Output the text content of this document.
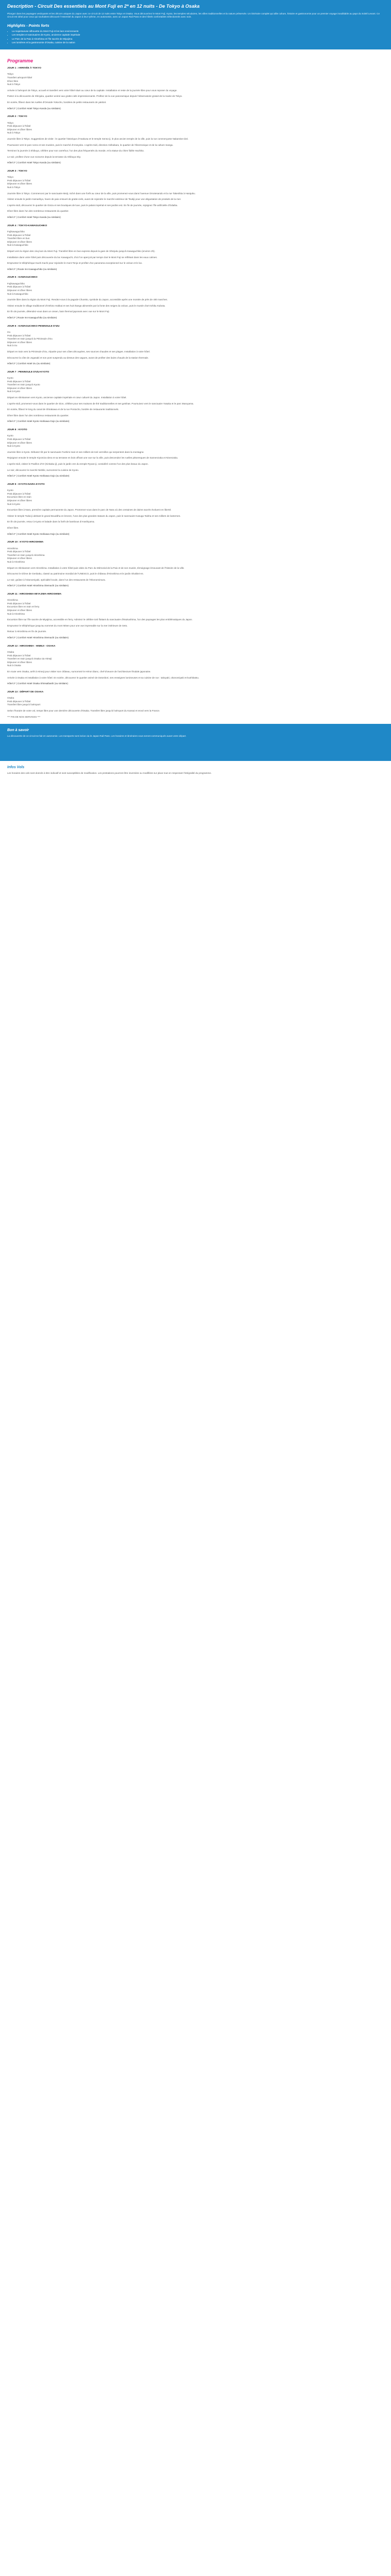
Description - Circuit Des essentiels au Mont Fuji en 2* en 12 nuits - De Tokyo à Osaka

Plongez dans les paysages verdoyants et les décors uniques du Japon avec ce circuit de 12 nuits entre Tokyo et Osaka. Vous découvrirez le Mont Fuji, Kyoto, les temples séculaires, les villes traditionnelles et la nature préservée. Un itinéraire complet qui allie culture, histoire et gastronomie pour un premier voyage inoubliable au pays du Soleil Levant. Ce circuit est idéal pour ceux qui souhaitent découvrir l’essentiel du Japon à leur rythme, en autonomie, avec un Japan Rail Pass et des hôtels confortables sélectionnés avec soin.

Highlights - Points forts
• La majestueuse silhouette du Mont Fuji et les lacs environnants
• Les temples et sanctuaires de Kyoto, ancienne capitale impériale
• Le Parc de la Paix à Hiroshima et l’île sacrée de Miyajima
• Les lumières et la gastronomie d’Osaka, cuisine de la nation
Programme
JOUR 1 : ARRIVÉE À TOKYO
Tokyo
Transfert aéroport-hôtel
Dîner libre
Nuit à Tokyo

Arrivée à l'aéroport de Tokyo, accueil et transfert vers votre hôtel situé au cœur de la capitale. Installation et reste de la journée libre pour vous reposer du voyage.

Partez à la découverte de Shinjuku, quartier animé aux gratte-ciels impressionnants. Profitez de la vue panoramique depuis l'observatoire gratuit de la mairie de Tokyo.

En soirée, flânez dans les ruelles d'Omoide Yokocho, bordées de petits restaurants de yakitori.

Hôtel 2* | Comfort Hotel Tokyo Kanda (ou similaire)

JOUR 2 : TOKYO
Tokyo
Petit déjeuner à l'hôtel
Déjeuner et dîner libres
Nuit à Tokyo

Journée libre à Tokyo. Suggestions de visite : le quartier historique d'Asakusa et le temple Senso-ji, le plus ancien temple de la ville, puis la rue commerçante Nakamise-dori.

Poursuivez vers le parc Ueno et ses musées, puis le marché d'Ameyoko. L'après-midi, direction Akihabara, le quartier de l'électronique et de la culture manga.

Terminez la journée à Shibuya, célèbre pour son carrefour, l'un des plus fréquentés du monde, et la statue du chien fidèle Hachiko.

Le soir, profitez d'une vue nocturne depuis la terrasse du Shibuya Sky.

Hôtel 2* | Comfort Hotel Tokyo Kanda (ou similaire)

JOUR 3 : TOKYO
Tokyo
Petit déjeuner à l'hôtel
Déjeuner et dîner libres
Nuit à Tokyo

Journée libre à Tokyo. Commencez par le sanctuaire Meiji, niché dans une forêt au cœur de la ville, puis promenez-vous dans l'avenue Omotesando et la rue Takeshita à Harajuku.

Visitez ensuite le jardin Hamarikyu, havre de paix entouré de gratte-ciels, avant de rejoindre le marché extérieur de Tsukiji pour une dégustation de produits de la mer.

L'après-midi, découvrez le quartier de Ginza et ses boutiques de luxe, puis le palais impérial et ses jardins est. En fin de journée, rejoignez l'île artificielle d'Odaiba.

Dîner libre dans l'un des nombreux restaurants du quartier.

Hôtel 2* | Comfort Hotel Tokyo Kanda (ou similaire)

JOUR 4 : TOKYO-KAWAGUCHIKO
Fujikawaguchiko
Petit déjeuner à l'hôtel
Transfert libre en bus
Déjeuner et dîner libres
Nuit à Kawaguchiko

Départ vers la région des cinq lacs du Mont Fuji. Transfert libre en bus express depuis la gare de Shinjuku jusqu'à Kawaguchiko (environ 2h).

Installation dans votre hôtel puis découverte du lac Kawaguchi, d'où l'on aperçoit par temps clair le Mont Fuji se reflétant dans les eaux calmes.

Empruntez le téléphérique Kachi Kachi pour rejoindre le mont Tenjo et profiter d'un panorama exceptionnel sur le volcan et le lac.

Hôtel 2* | Route Inn Kawaguchiko (ou similaire)

JOUR 5 : KAWAGUCHIKO
Fujikawaguchiko
Petit déjeuner à l'hôtel
Déjeuner et dîner libres
Nuit à Kawaguchiko

Journée libre dans la région du Mont Fuji. Rendez-vous à la pagode Chureito, symbole du Japon, accessible après une montée de près de 400 marches.

Visitez ensuite le village traditionnel d'Oshino Hakkai et ses huit étangs alimentés par la fonte des neiges du volcan, puis le musée d'art Itchiku Kubota.

En fin de journée, détendez-vous dans un onsen, bain thermal japonais avec vue sur le Mont Fuji.

Hôtel 2* | Route Inn Kawaguchiko (ou similaire)

JOUR 6 : KAWAGUCHIKO-PENINSULE D'IZU
Izu
Petit déjeuner à l'hôtel
Transfert en train jusqu'à la Péninsule d'Izu
Déjeuner et dîner libres
Nuit à Izu

Départ en train vers la Péninsule d'Izu, réputée pour ses côtes découpées, ses sources chaudes et ses plages. Installation à votre hôtel.

Découvrez la côte de Jogasaki et son pont suspendu au-dessus des vagues, avant de profiter des bains chauds de la station thermale.

Hôtel 2* | Comfort Hotel Izu (ou similaire)

JOUR 7 : PENINSULE D'IZU-KYOTO
Kyoto
Petit déjeuner à l'hôtel
Transfert en train jusqu'à Kyoto
Déjeuner et dîner libres
Nuit à Kyoto

Départ en shinkansen vers Kyoto, ancienne capitale impériale et cœur culturel du Japon. Installation à votre hôtel.

L'après-midi, promenez-vous dans le quartier de Gion, célèbre pour ses maisons de thé traditionnelles et ses geishas. Poursuivez vers le sanctuaire Yasaka et le parc Maruyama.

En soirée, flânez le long du canal de Shirakawa et de la rue Pontocho, bordée de restaurants traditionnels.

Dîner libre dans l'un des nombreux restaurants du quartier.

Hôtel 2* | Comfort Hotel Kyoto Horikawa Gojo (ou similaire)

JOUR 8 : KYOTO
Kyoto
Petit déjeuner à l'hôtel
Déjeuner et dîner libres
Nuit à Kyoto

Journée libre à Kyoto. Débutez tôt par le sanctuaire Fushimi Inari et ses milliers de torii vermillon qui serpentent dans la montagne.

Rejoignez ensuite le temple Kiyomizu-dera et sa terrasse en bois offrant une vue sur la ville, puis descendez les ruelles pittoresques de Sannenzaka et Ninenzaka.

L'après-midi, visitez le Pavillon d'Or (Kinkaku-ji), puis le jardin zen du temple Ryoan-ji, considéré comme l'un des plus beaux du Japon.

Le soir, découvrez le marché Nishiki, surnommé la cuisine de Kyoto.

Hôtel 2* | Comfort Hotel Kyoto Horikawa Gojo (ou similaire)

JOUR 9 : KYOTO-NARA-KYOTO
Kyoto
Petit déjeuner à l'hôtel
Excursion libre en train
Déjeuner et dîner libres
Nuit à Kyoto

Excursion libre à Nara, première capitale permanente du Japon. Promenez-vous dans le parc de Nara où des centaines de daims sacrés évoluent en liberté.

Visitez le temple Todai-ji abritant le grand Bouddha en bronze, l'une des plus grandes statues du Japon, puis le sanctuaire Kasuga Taisha et ses milliers de lanternes.

En fin de journée, retour à Kyoto et balade dans la forêt de bambous d'Arashiyama.

Dîner libre.

Hôtel 2* | Comfort Hotel Kyoto Horikawa Gojo (ou similaire)

JOUR 10 : KYOTO-HIROSHIMA
Hiroshima
Petit déjeuner à l'hôtel
Transfert en train jusqu'à Hiroshima
Déjeuner et dîner libres
Nuit à Hiroshima

Départ en shinkansen vers Hiroshima. Installation à votre hôtel puis visite du Parc du Mémorial de la Paix et de son musée, témoignage émouvant de l'histoire de la ville.

Découvrez le Dôme de Genbaku, classé au patrimoine mondial de l'UNESCO, puis le château d'Hiroshima et le jardin Shukkei-en.

Le soir, goûtez à l'okonomiyaki, spécialité locale, dans l'un des restaurants de l'Okonomimura.

Hôtel 2* | Comfort Hotel Hiroshima Otemachi (ou similaire)

JOUR 11 : HIROSHIMA-MIYAJIMA-HIROSHIMA
Hiroshima
Petit déjeuner à l'hôtel
Excursion libre en train et ferry
Déjeuner et dîner libres
Nuit à Hiroshima

Excursion libre sur l'île sacrée de Miyajima, accessible en ferry. Admirez le célèbre torii flottant du sanctuaire d'Itsukushima, l'un des paysages les plus emblématiques du Japon.

Empruntez le téléphérique jusqu'au sommet du mont Misen pour une vue imprenable sur la mer intérieure de Seto.

Retour à Hiroshima en fin de journée.

Hôtel 2* | Comfort Hotel Hiroshima Otemachi (ou similaire)

JOUR 12 : HIROSHIMA - HIMEJI - OSAKA
Osaka
Petit déjeuner à l'hôtel
Transfert en train jusqu'à Osaka via Himeji
Déjeuner et dîner libres
Nuit à Osaka

En route vers Osaka, arrêt à Himeji pour visiter son château, surnommé le Héron blanc, chef-d'œuvre de l'architecture féodale japonaise.

Arrivée à Osaka et installation à votre hôtel. En soirée, découvrez le quartier animé de Dotonbori, ses enseignes lumineuses et sa cuisine de rue : takoyaki, okonomiyaki et kushikatsu.

Hôtel 2* | Comfort Hotel Osaka Shinsaibashi (ou similaire)

JOUR 13 : DÉPART DE OSAKA
Osaka
Petit déjeuner à l'hôtel
Transfert libre jusqu'à l'aéroport

Selon l'horaire de votre vol, temps libre pour une dernière découverte d'Osaka. Transfert libre jusqu'à l'aéroport du Kansai et envol vers la France.

*** FIN DE NOS SERVICES ***

Bon à savoir

La découverte de ce circuit se fait en autonomie. Les transports sont inclus via le Japan Rail Pass. Les horaires et itinéraires vous seront communiqués avant votre départ.

Infos Vols

Les horaires des vols sont donnés à titre indicatif et sont susceptibles de modification. Les prestations pourront être inversées ou modifiées sur place tout en respectant l'intégralité du programme.
